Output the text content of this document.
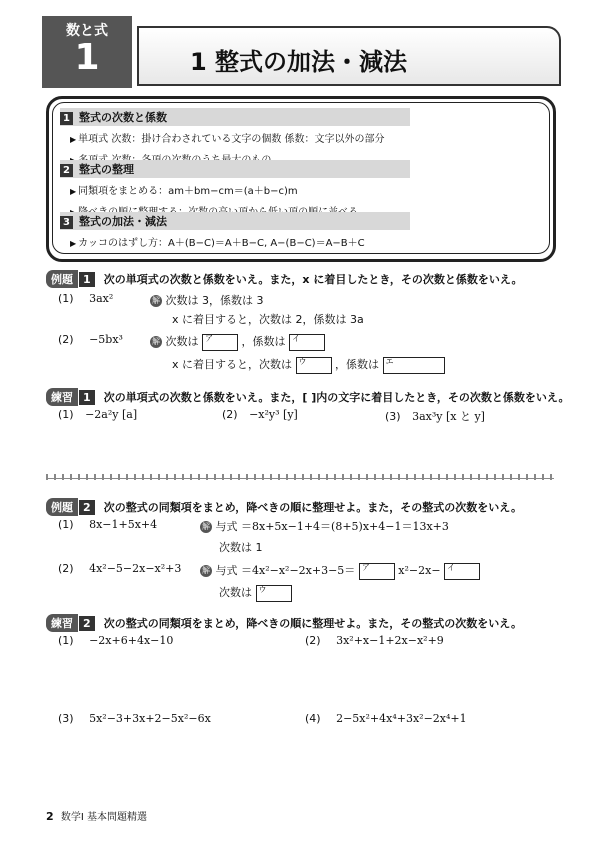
数と式
1	1 整式の加法・減法
1 整式の次数と係数
▶ 単項式 次数：掛け合わされている文字の個数 係数：文字以外の部分
2 整式の整理
▶ 同類項をまとめる：am＋bm−cm＝(a＋b−c)m
3 整式の加法・減法
▶ カッコのはずし方：A＋(B−C)＝A＋B−C, A−(B−C)＝A−B＋C
例題 1 次の単項式の次数と係数をいえ。また，x に着目したとき，その次数と係数をいえ。
(1) 3ax²	解 次数は 3，係数は 3
x に着目すると，次数は 2，係数は 3a
(2) −5bx³	解 次数は ア	，係数は イ
x に着目すると，次数は ウ	，係数は エ
練習 1 次の単項式の次数と係数をいえ。また，[ ]内の文字に着目したとき，その次数と係数をいえ。
(1) −2a²y [a]	(2) −x²y³ [y]	(3) 3ax³y [x と y]
例題 2 次の整式の同類項をまとめ，降べきの順に整理せよ。また，その整式の次数をいえ。
(1) 8x−1+5x+4	解 与式 ＝8x+5x−1+4＝(8+5)x+4−1＝13x+3
次数は 1
(2) 4x²−5−2x−x²+3	解 与式 ＝4x²−x²−2x+3−5＝ ア	x²−2x− イ
次数は ウ
練習 2 次の整式の同類項をまとめ，降べきの順に整理せよ。また，その整式の次数をいえ。
(1) −2x+6+4x−10	(2) 3x²+x−1+2x−x²+9
(3) 5x²−3+3x+2−5x²−6x	(4) 2−5x²+4x⁴+3x²−2x⁴+1
2 数学Ⅰ 基本問題精選
